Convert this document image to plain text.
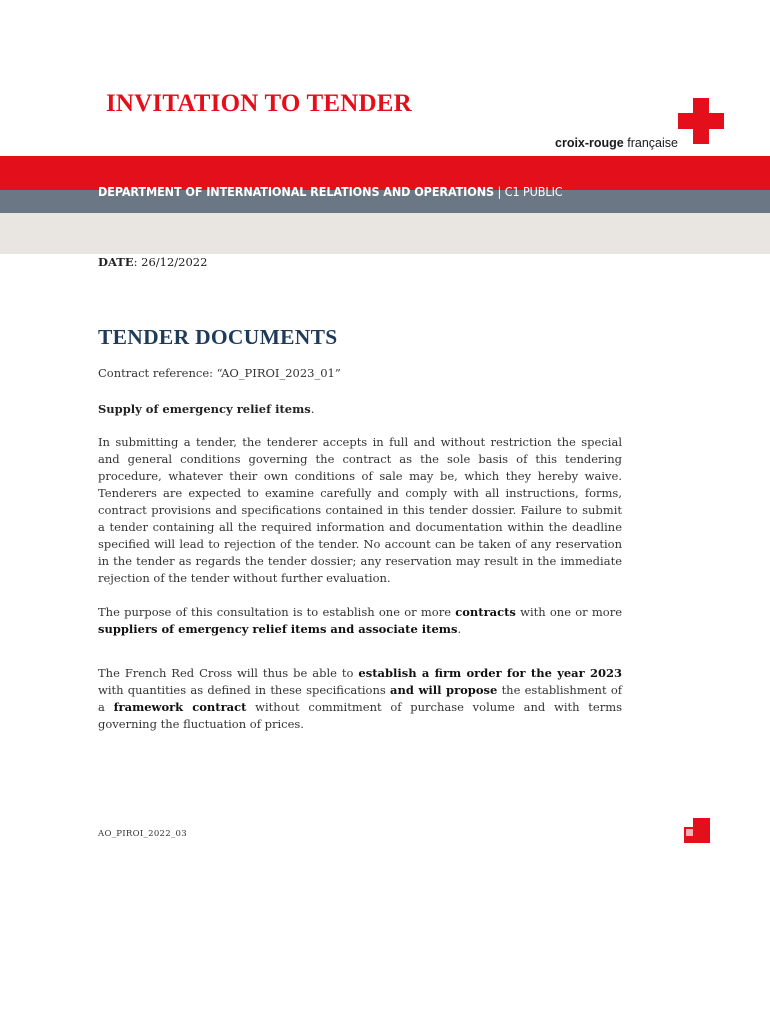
INVITATION TO TENDER
croix-rouge française
DEPARTMENT OF INTERNATIONAL RELATIONS AND OPERATIONS | C1 PUBLIC
DATE: 26/12/2022
TENDER DOCUMENTS
Contract reference: “AO_PIROI_2023_01”
Supply of emergency relief items.
In submitting a tender, the tenderer accepts in full and without restriction the special and general conditions governing the contract as the sole basis of this tendering procedure, whatever their own conditions of sale may be, which they hereby waive. Tenderers are expected to examine carefully and comply with all instructions, forms, contract provisions and specifications contained in this tender dossier. Failure to submit a tender containing all the required information and documentation within the deadline specified will lead to rejection of the tender. No account can be taken of any reservation in the tender as regards the tender dossier; any reservation may result in the immediate rejection of the tender without further evaluation.
The purpose of this consultation is to establish one or more contracts with one or more suppliers of emergency relief items and associate items.
The French Red Cross will thus be able to establish a firm order for the year 2023 with quantities as defined in these specifications and will propose the establishment of a framework contract without commitment of purchase volume and with terms governing the fluctuation of prices.
AO_PIROI_2022_03
